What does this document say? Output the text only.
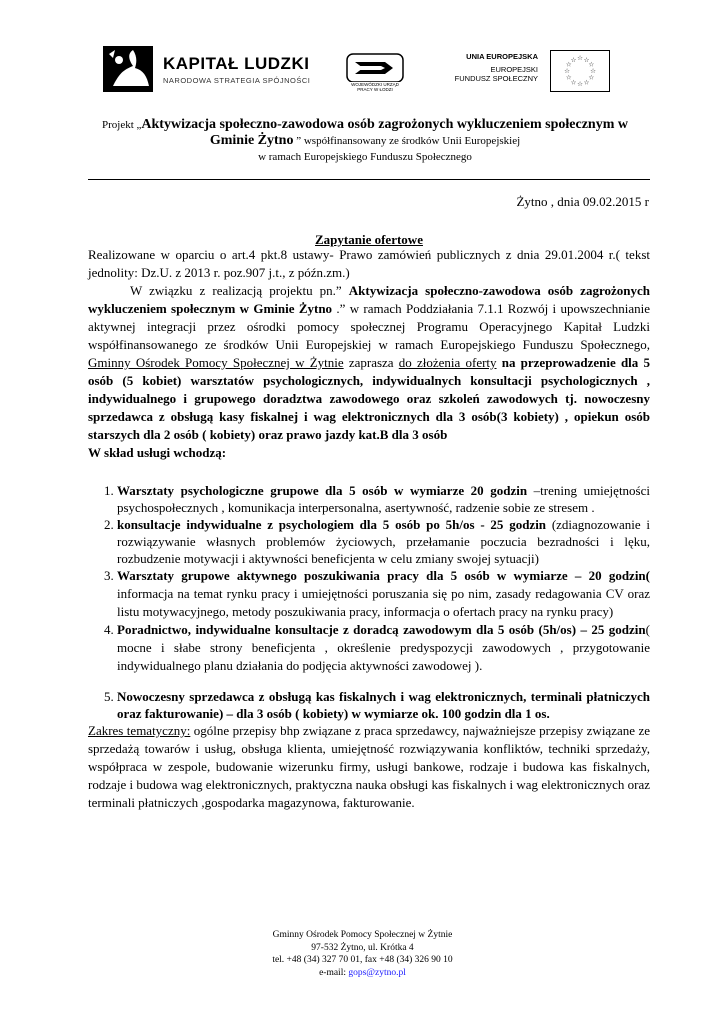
KAPITAŁ LUDZKI
NARODOWA STRATEGIA SPÓJNOŚCI	WOJEWÓDZKI URZĄD PRACY W ŁODZI
UNIA EUROPEJSKA
EUROPEJSKI
FUNDUSZ SPOŁECZNY
☆ ☆
☆
☆
☆
☆
☆
☆
☆
☆
☆
☆
Projekt „Aktywizacja społeczno-zawodowa osób zagrożonych wykluczeniem społecznym w
Gminie Żytno ” współfinansowany ze środków Unii Europejskiej
w ramach Europejskiego Funduszu Społecznego
Żytno , dnia 09.02.2015 r
Zapytanie ofertowe

Realizowane w oparciu o art.4 pkt.8 ustawy- Prawo zamówień publicznych z dnia 29.01.2004 r.( tekst jednolity: Dz.U. z 2013 r. poz.907 j.t., z późn.zm.)

W związku z realizacją projektu pn.” Aktywizacja społeczno-zawodowa osób zagrożonych wykluczeniem społecznym w Gminie Żytno .” w ramach Poddziałania 7.1.1 Rozwój i upowszechnianie aktywnej integracji przez ośrodki pomocy społecznej Programu Operacyjnego Kapitał Ludzki współfinansowanego ze środków Unii Europejskiej w ramach Europejskiego Funduszu Społecznego, Gminny Ośrodek Pomocy Społecznej w Żytnie zaprasza do złożenia oferty na przeprowadzenie dla 5 osób (5 kobiet) warsztatów psychologicznych, indywidualnych konsultacji psychologicznych , indywidualnego i grupowego doradztwa zawodowego oraz szkoleń zawodowych tj. nowoczesny sprzedawca z obsługą kasy fiskalnej i wag elektronicznych dla 3 osób(3 kobiety) , opiekun osób starszych dla 2 osób ( kobiety) oraz prawo jazdy kat.B dla 3 osób

W skład usługi wchodzą:

1. Warsztaty psychologiczne grupowe dla 5 osób w wymiarze 20 godzin –trening umiejętności psychospołecznych , komunikacja interpersonalna, asertywność, radzenie sobie ze stresem .
2. konsultacje indywidualne z psychologiem dla 5 osób po 5h/os - 25 godzin (zdiagnozowanie i rozwiązywanie własnych problemów życiowych, przełamanie poczucia bezradności i lęku, rozbudzenie motywacji i aktywności beneficjenta w celu zmiany swojej sytuacji)
3. Warsztaty grupowe aktywnego poszukiwania pracy dla 5 osób w wymiarze – 20 godzin( informacja na temat rynku pracy i umiejętności poruszania się po nim, zasady redagowania CV oraz listu motywacyjnego, metody poszukiwania pracy, informacja o ofertach pracy na rynku pracy)
4. Poradnictwo, indywidualne konsultacje z doradcą zawodowym dla 5 osób (5h/os) – 25 godzin( mocne i słabe strony beneficjenta , określenie predyspozycji zawodowych , przygotowanie indywidualnego planu działania do podjęcia aktywności zawodowej ).
5. Nowoczesny sprzedawca z obsługą kas fiskalnych i wag elektronicznych, terminali płatniczych oraz fakturowanie) – dla 3 osób ( kobiety) w wymiarze ok. 100 godzin dla 1 os.

Zakres tematyczny: ogólne przepisy bhp związane z praca sprzedawcy, najważniejsze przepisy związane ze sprzedażą towarów i usług, obsługa klienta, umiejętność rozwiązywania konfliktów, techniki sprzedaży, współpraca w zespole, budowanie wizerunku firmy, usługi bankowe, rodzaje i budowa kas fiskalnych, rodzaje i budowa wag elektronicznych, praktyczna nauka obsługi kas fiskalnych i wag elektronicznych oraz terminali płatniczych ,gospodarka magazynowa, fakturowanie.

Gminny Ośrodek Pomocy Społecznej w Żytnie
97-532 Żytno, ul. Krótka 4
tel. +48 (34) 327 70 01, fax +48 (34) 326 90 10
e-mail: gops@zytno.pl
